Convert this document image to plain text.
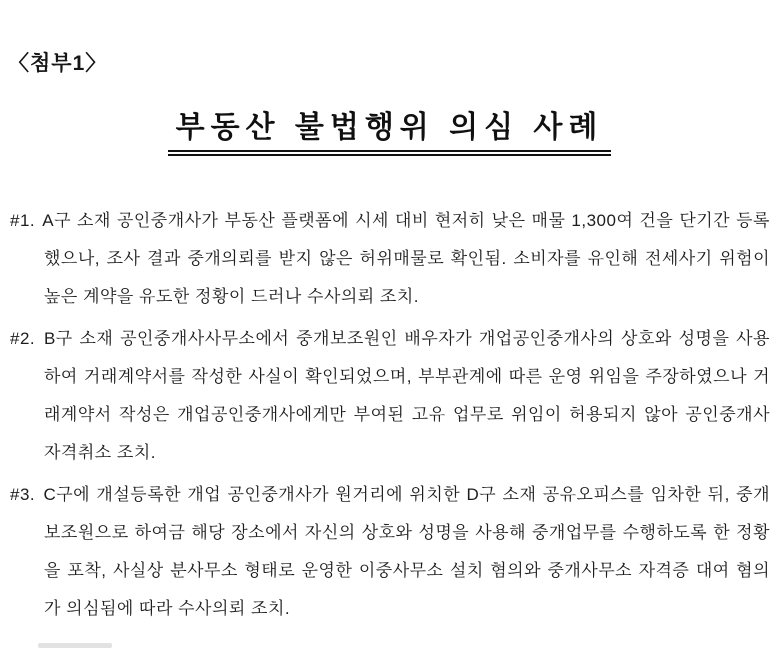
〈첨부1〉
부동산 불법행위 의심 사례

#1. A구 소재 공인중개사가 부동산 플랫폼에 시세 대비 현저히 낮은 매물 1,300여 건을 단기간 등록했으나, 조사 결과 중개의뢰를 받지 않은 허위매물로 확인됨. 소비자를 유인해 전세사기 위험이 높은 계약을 유도한 정황이 드러나 수사의뢰 조치.

#2. B구 소재 공인중개사사무소에서 중개보조원인 배우자가 개업공인중개사의 상호와 성명을 사용하여 거래계약서를 작성한 사실이 확인되었으며, 부부관계에 따른 운영 위임을 주장하였으나 거래계약서 작성은 개업공인중개사에게만 부여된 고유 업무로 위임이 허용되지 않아 공인중개사 자격취소 조치.

#3. C구에 개설등록한 개업 공인중개사가 원거리에 위치한 D구 소재 공유오피스를 임차한 뒤, 중개보조원으로 하여금 해당 장소에서 자신의 상호와 성명을 사용해 중개업무를 수행하도록 한 정황을 포착, 사실상 분사무소 형태로 운영한 이중사무소 설치 혐의와 중개사무소 자격증 대여 혐의가 의심됨에 따라 수사의뢰 조치.
